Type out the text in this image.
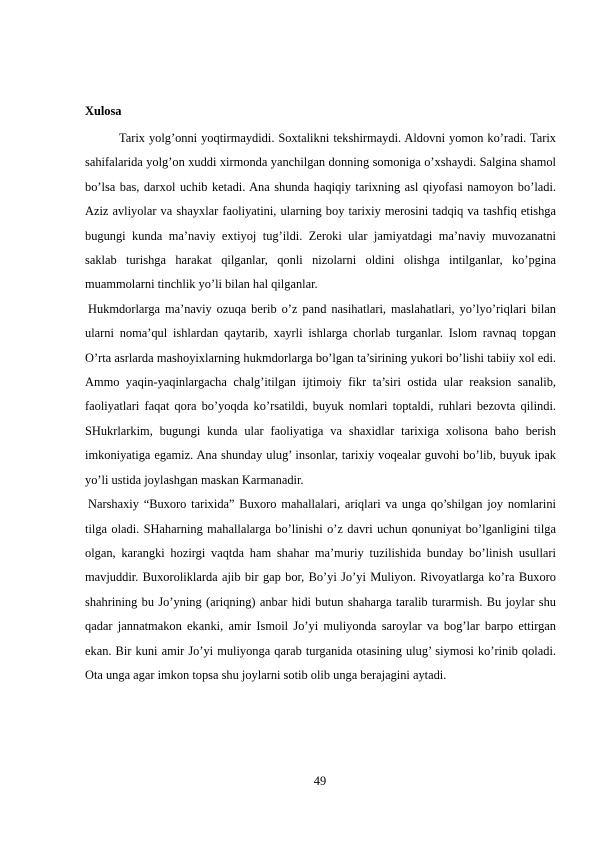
Xulosa

Tarix yolg’onni yoqtirmaydidi. Soxtalikni tekshirmaydi. Aldovni yomon ko’radi. Tarix sahifalarida yolg’on xuddi xirmonda yanchilgan donning somoniga o’xshaydi. Salgina shamol bo’lsa bas, darxol uchib ketadi. Ana shunda haqiqiy tarixning asl qiyofasi namoyon bo’ladi. Aziz avliyolar va shayxlar faoliyatini, ularning boy tarixiy merosini tadqiq va tashfiq etishga bugungi kunda ma’naviy extiyoj tug’ildi. Zeroki ular jamiyatdagi ma’naviy muvozanatni saklab turishga harakat qilganlar, qonli nizolarni oldini olishga intilganlar, ko’pgina muammolarni tinchlik yo’li bilan hal qilganlar.

Hukmdorlarga ma’naviy ozuqa berib o’z pand nasihatlari, maslahatlari, yo’lyo’riqlari bilan ularni noma’qul ishlardan qaytarib, xayrli ishlarga chorlab turganlar. Islom ravnaq topgan O’rta asrlarda mashoyixlarning hukmdorlarga bo’lgan ta’sirining yukori bo’lishi tabiiy xol edi. Ammo yaqin-yaqinlargacha chalg’itilgan ijtimoiy fikr ta’siri ostida ular reaksion sanalib, faoliyatlari faqat qora bo’yoqda ko’rsatildi, buyuk nomlari toptaldi, ruhlari bezovta qilindi. SHukrlarkim, bugungi kunda ular faoliyatiga va shaxidlar tarixiga xolisona baho berish imkoniyatiga egamiz. Ana shunday ulug’ insonlar, tarixiy voqealar guvohi bo’lib, buyuk ipak yo’li ustida joylashgan maskan Karmanadir.

Narshaxiy “Buxoro tarixida” Buxoro mahallalari, ariqlari va unga qo’shilgan joy nomlarini tilga oladi. SHaharning mahallalarga bo’linishi o’z davri uchun qonuniyat bo’lganligini tilga olgan, karangki hozirgi vaqtda ham shahar ma’muriy tuzilishida bunday bo’linish usullari mavjuddir. Buxoroliklarda ajib bir gap bor, Bo’yi Jo’yi Muliyon. Rivoyatlarga ko’ra Buxoro shahrining bu Jo’yning (ariqning) anbar hidi butun shaharga taralib turarmish. Bu joylar shu qadar jannatmakon ekanki, amir Ismoil Jo’yi muliyonda saroylar va bog’lar barpo ettirgan ekan. Bir kuni amir Jo’yi muliyonga qarab turganida otasining ulug’ siymosi ko’rinib qoladi. Ota unga agar imkon topsa shu joylarni sotib olib unga berajagini aytadi.

49
